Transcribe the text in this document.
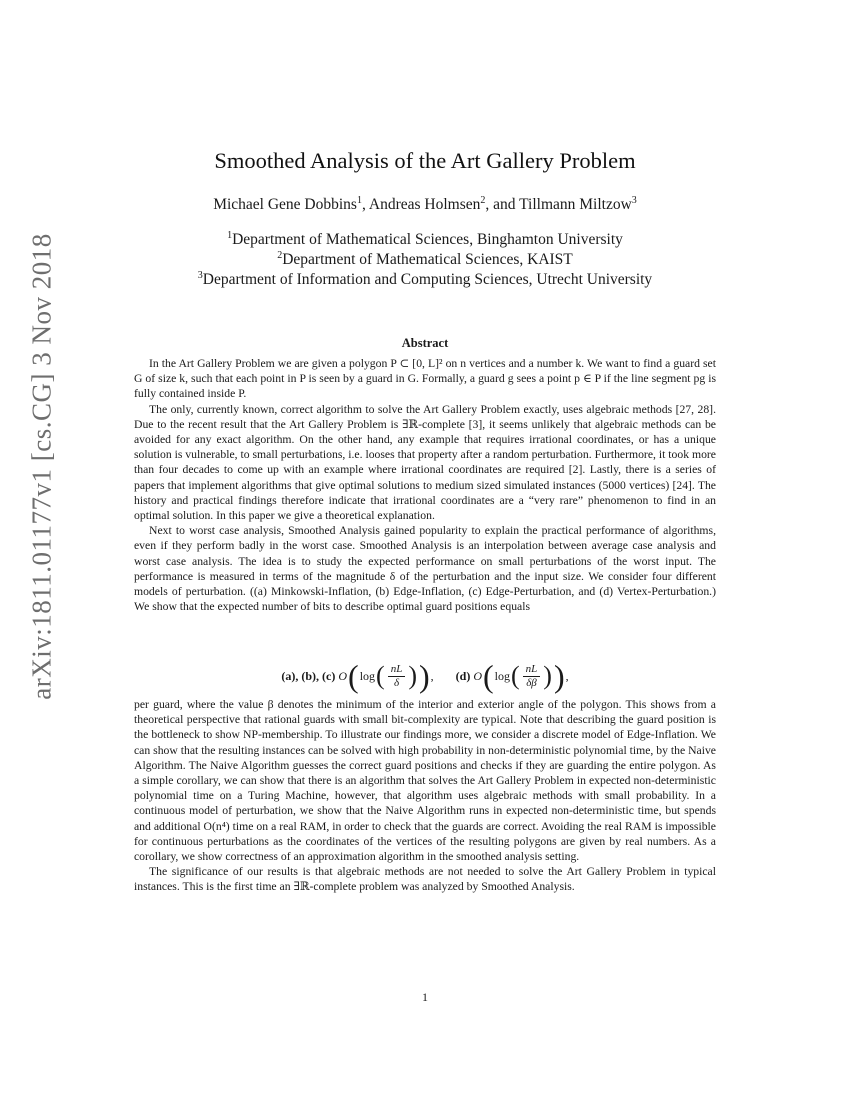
arXiv:1811.01177v1 [cs.CG] 3 Nov 2018
Smoothed Analysis of the Art Gallery Problem
Michael Gene Dobbins$^1$, Andreas Holmsen$^2$, and Tillmann Miltzow$^3$
$^1$Department of Mathematical Sciences, Binghamton University
$^2$Department of Mathematical Sciences, KAIST
$^3$Department of Information and Computing Sciences, Utrecht University
Abstract

In the Art Gallery Problem we are given a polygon P ⊂ [0, L]² on n vertices and a number k. We want to find a guard set G of size k, such that each point in P is seen by a guard in G. Formally, a guard g sees a point p ∈ P if the line segment pg is fully contained inside P.

The only, currently known, correct algorithm to solve the Art Gallery Problem exactly, uses algebraic methods [27, 28]. Due to the recent result that the Art Gallery Problem is ∃ℝ-complete [3], it seems unlikely that algebraic methods can be avoided for any exact algorithm. On the other hand, any example that requires irrational coordinates, or has a unique solution is vulnerable, to small perturbations, i.e. looses that property after a random perturbation. Furthermore, it took more than four decades to come up with an example where irrational coordinates are required [2]. Lastly, there is a series of papers that implement algorithms that give optimal solutions to medium sized simulated instances (5000 vertices) [24]. The history and practical findings therefore indicate that irrational coordinates are a “very rare” phenomenon to find in an optimal solution. In this paper we give a theoretical explanation.

Next to worst case analysis, Smoothed Analysis gained popularity to explain the practical performance of algorithms, even if they perform badly in the worst case. Smoothed Analysis is an interpolation between average case analysis and worst case analysis. The idea is to study the expected performance on small perturbations of the worst input. The performance is measured in terms of the magnitude δ of the perturbation and the input size. We consider four different models of perturbation. ((a) Minkowski-Inflation, (b) Edge-Inflation, (c) Edge-Perturbation, and (d) Vertex-Perturbation.) We show that the expected number of bits to describe optimal guard positions equals

(a), (b), (c)
O ( log ( $\frac{nL}{\delta}$ ) ) , (d)
O ( log ( $\frac{nL}{\delta\beta}$ ) ) ,

per guard, where the value β denotes the minimum of the interior and exterior angle of the polygon. This shows from a theoretical perspective that rational guards with small bit-complexity are typical. Note that describing the guard position is the bottleneck to show NP-membership. To illustrate our findings more, we consider a discrete model of Edge-Inflation. We can show that the resulting instances can be solved with high probability in non-deterministic polynomial time, by the Naive Algorithm. The Naive Algorithm guesses the correct guard positions and checks if they are guarding the entire polygon. As a simple corollary, we can show that there is an algorithm that solves the Art Gallery Problem in expected non-deterministic polynomial time on a Turing Machine, however, that algorithm uses algebraic methods with small probability. In a continuous model of perturbation, we show that the Naive Algorithm runs in expected non-deterministic time, but spends and additional O(n⁴) time on a real RAM, in order to check that the guards are correct. Avoiding the real RAM is impossible for continuous perturbations as the coordinates of the vertices of the resulting polygons are given by real numbers. As a corollary, we show correctness of an approximation algorithm in the smoothed analysis setting.

The significance of our results is that algebraic methods are not needed to solve the Art Gallery Problem in typical instances. This is the first time an ∃ℝ-complete problem was analyzed by Smoothed Analysis.

1
